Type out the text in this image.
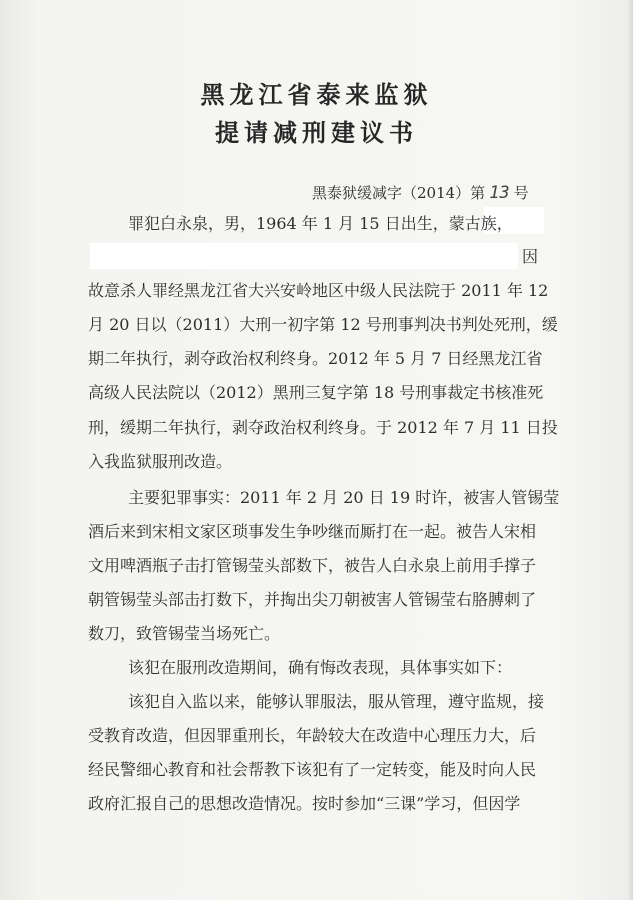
黑龙江省泰来监狱
提请减刑建议书
黑泰狱缓减字（2014）第 13 号
罪犯白永泉，男，1964 年 1 月 15 日出生，蒙古族，
因
故意杀人罪经黑龙江省大兴安岭地区中级人民法院于 2011 年 12
月 20 日以（2011）大刑一初字第 12 号刑事判决书判处死刑，缓
期二年执行，剥夺政治权利终身。2012 年 5 月 7 日经黑龙江省
高级人民法院以（2012）黑刑三复字第 18 号刑事裁定书核准死
刑，缓期二年执行，剥夺政治权利终身。于 2012 年 7 月 11 日投
入我监狱服刑改造。
主要犯罪事实：2011 年 2 月 20 日 19 时许，被害人管锡莹
酒后来到宋相文家区琐事发生争吵继而厮打在一起。被告人宋相
文用啤酒瓶子击打管锡莹头部数下，被告人白永泉上前用手撑子
朝管锡莹头部击打数下，并掏出尖刀朝被害人管锡莹右胳膊刺了
数刀，致管锡莹当场死亡。
该犯在服刑改造期间，确有悔改表现，具体事实如下：
该犯自入监以来，能够认罪服法，服从管理，遵守监规，接
受教育改造，但因罪重刑长，年龄较大在改造中心理压力大，后
经民警细心教育和社会帮教下该犯有了一定转变，能及时向人民
政府汇报自己的思想改造情况。按时参加“三课”学习，但因学
